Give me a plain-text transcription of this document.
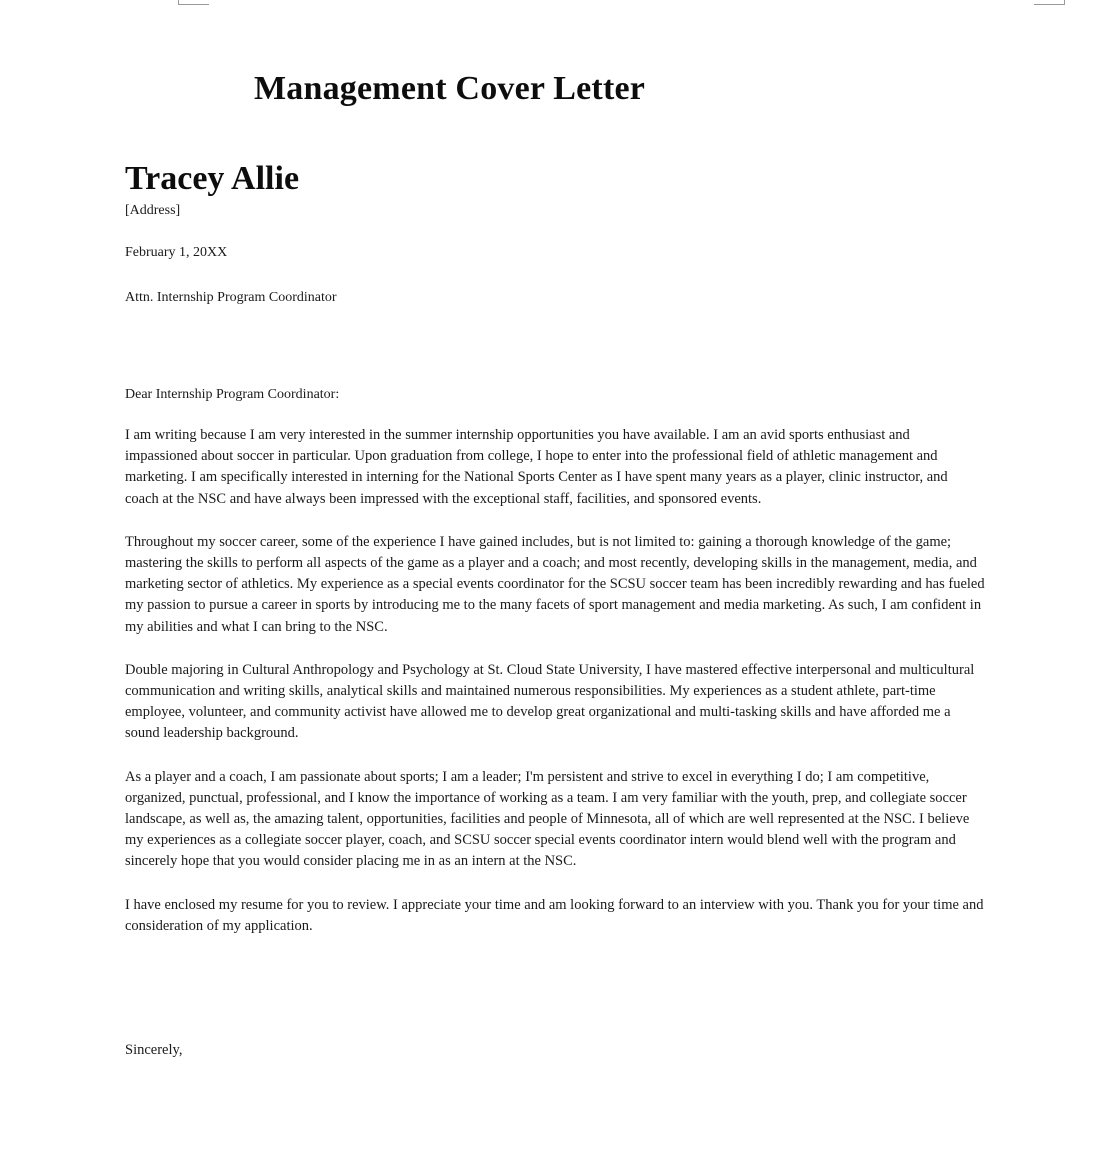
Management Cover Letter
Tracey Allie
[Address]
February 1, 20XX
Attn. Internship Program Coordinator
Dear Internship Program Coordinator:

I am writing because I am very interested in the summer internship opportunities you have available. I am an avid sports enthusiast and impassioned about soccer in particular. Upon graduation from college, I hope to enter into the professional field of athletic management and marketing. I am specifically interested in interning for the National Sports Center as I have spent many years as a player, clinic instructor, and coach at the NSC and have always been impressed with the exceptional staff, facilities, and sponsored events.

Throughout my soccer career, some of the experience I have gained includes, but is not limited to: gaining a thorough knowledge of the game; mastering the skills to perform all aspects of the game as a player and a coach; and most recently, developing skills in the management, media, and marketing sector of athletics. My experience as a special events coordinator for the SCSU soccer team has been incredibly rewarding and has fueled my passion to pursue a career in sports by introducing me to the many facets of sport management and media marketing. As such, I am confident in my abilities and what I can bring to the NSC.

Double majoring in Cultural Anthropology and Psychology at St. Cloud State University, I have mastered effective interpersonal and multicultural communication and writing skills, analytical skills and maintained numerous responsibilities. My experiences as a student athlete, part-time employee, volunteer, and community activist have allowed me to develop great organizational and multi-tasking skills and have afforded me a sound leadership background.

As a player and a coach, I am passionate about sports; I am a leader; I'm persistent and strive to excel in everything I do; I am competitive, organized, punctual, professional, and I know the importance of working as a team. I am very familiar with the youth, prep, and collegiate soccer landscape, as well as, the amazing talent, opportunities, facilities and people of Minnesota, all of which are well represented at the NSC. I believe my experiences as a collegiate soccer player, coach, and SCSU soccer special events coordinator intern would blend well with the program and sincerely hope that you would consider placing me in as an intern at the NSC.

I have enclosed my resume for you to review. I appreciate your time and am looking forward to an interview with you. Thank you for your time and consideration of my application.

Sincerely,
